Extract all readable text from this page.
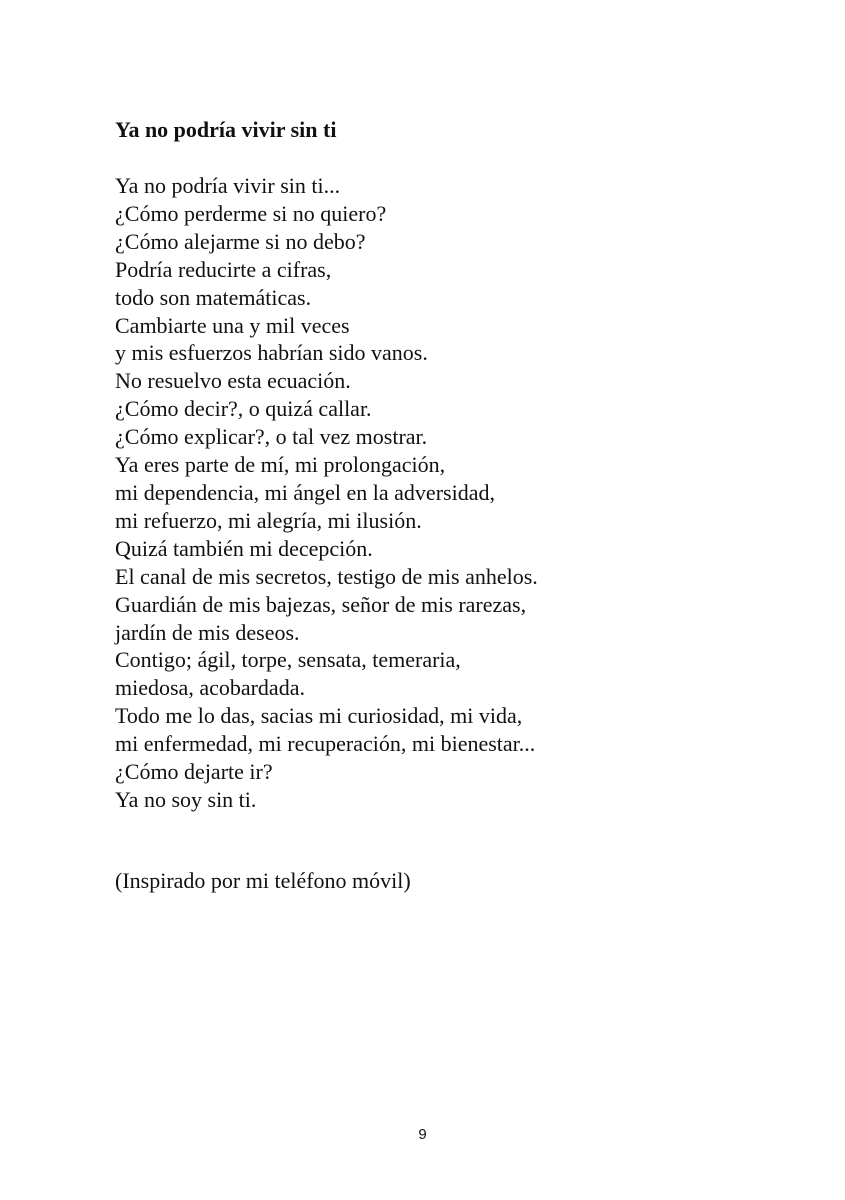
Ya no podría vivir sin ti
Ya no podría vivir sin ti...
¿Cómo perderme si no quiero?
¿Cómo alejarme si no debo?
Podría reducirte a cifras,
todo son matemáticas.
Cambiarte una y mil veces
y mis esfuerzos habrían sido vanos.
No resuelvo esta ecuación.
¿Cómo decir?, o quizá callar.
¿Cómo explicar?, o tal vez mostrar.
Ya eres parte de mí, mi prolongación,
mi dependencia, mi ángel en la adversidad,
mi refuerzo, mi alegría, mi ilusión.
Quizá también mi decepción.
El canal de mis secretos, testigo de mis anhelos.
Guardián de mis bajezas, señor de mis rarezas,
jardín de mis deseos.
Contigo; ágil, torpe, sensata, temeraria,
miedosa, acobardada.
Todo me lo das, sacias mi curiosidad, mi vida,
mi enfermedad, mi recuperación, mi bienestar...
¿Cómo dejarte ir?
Ya no soy sin ti.

(Inspirado por mi teléfono móvil)

9
